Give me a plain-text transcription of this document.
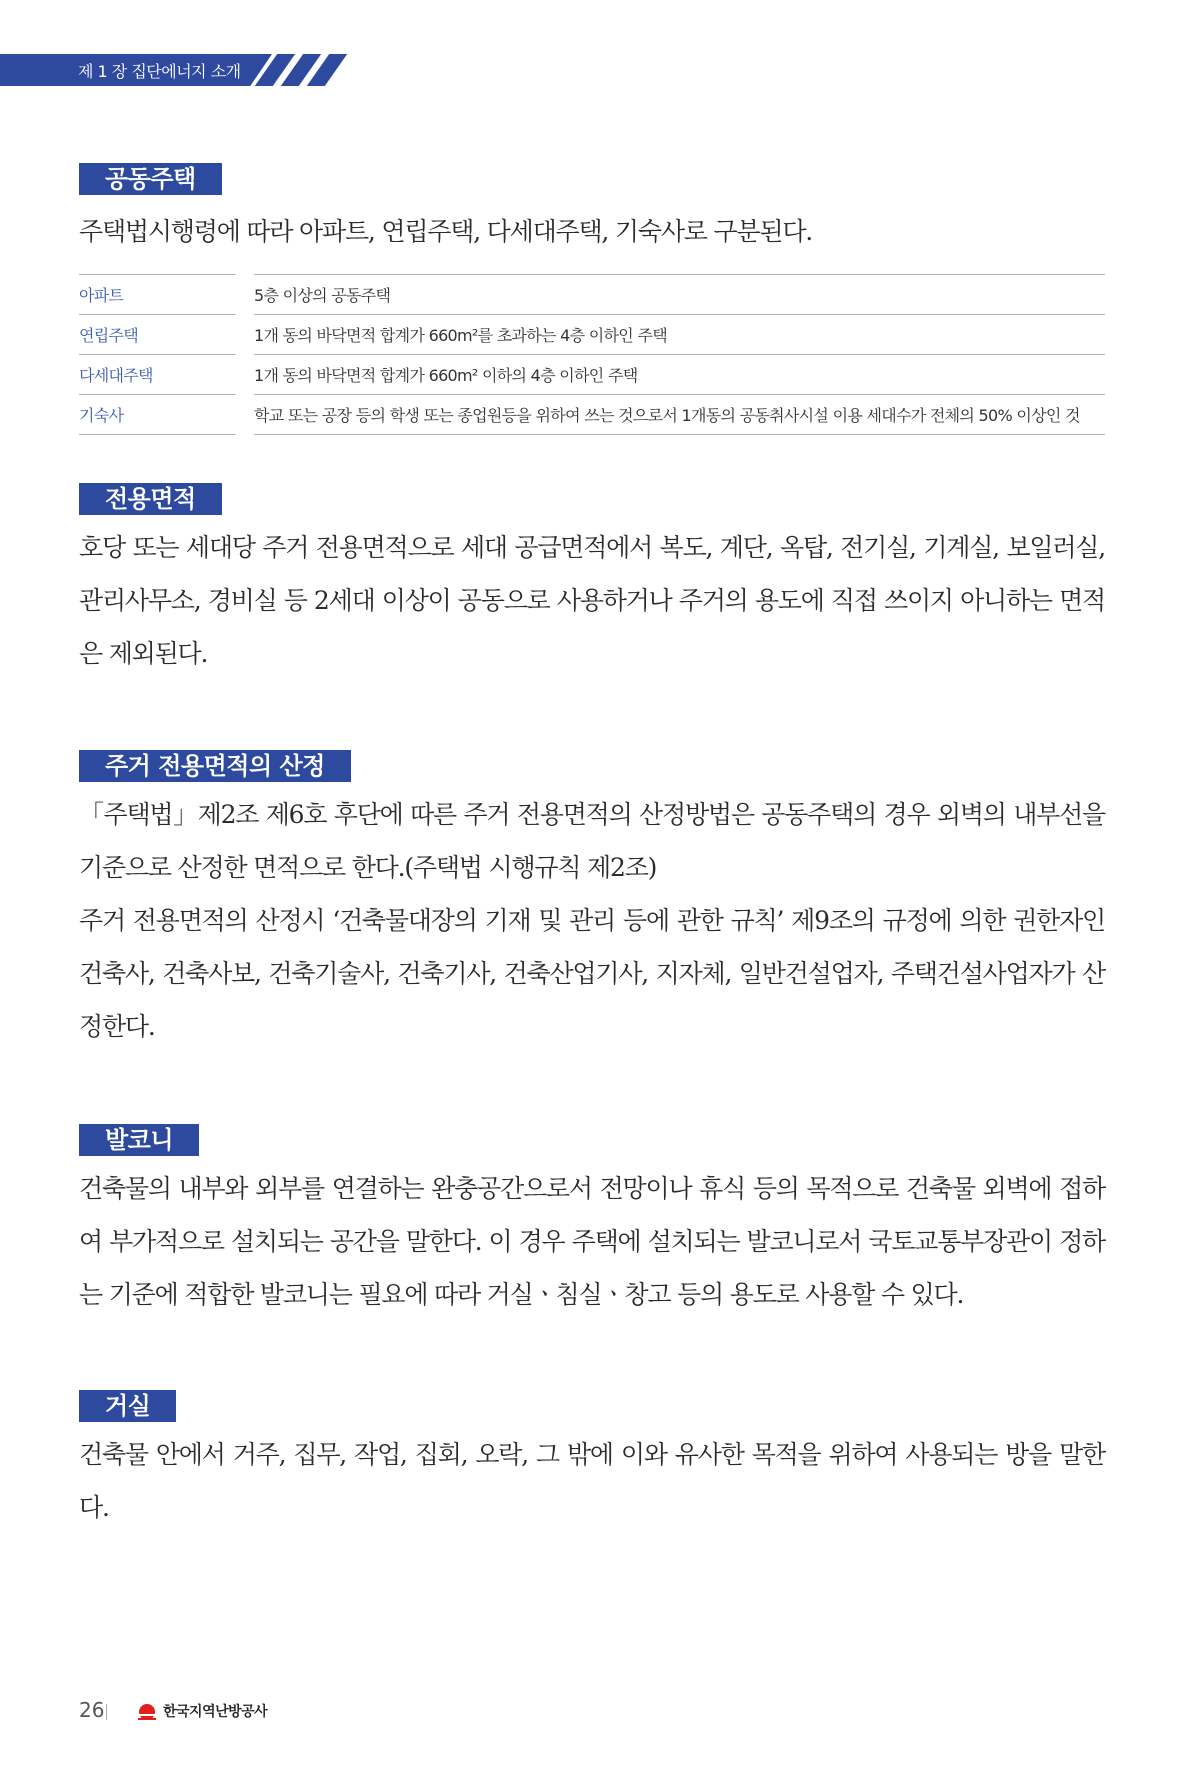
제 1 장 집단에너지 소개
공동주택

주택법시행령에 따라 아파트, 연립주택, 다세대주택, 기숙사로 구분된다.

아파트		5층 이상의 공동주택
연립주택		1개 동의 바닥면적 합계가 660m²를 초과하는 4층 이하인 주택
다세대주택		1개 동의 바닥면적 합계가 660m² 이하의 4층 이하인 주택
기숙사		학교 또는 공장 등의 학생 또는 종업원등을 위하여 쓰는 것으로서 1개동의 공동취사시설 이용 세대수가 전체의 50% 이상인 것
전용면적

호당 또는 세대당 주거 전용면적으로 세대 공급면적에서 복도, 계단, 옥탑, 전기실, 기계실, 보일러실, 관리사무소, 경비실 등 2세대 이상이 공동으로 사용하거나 주거의 용도에 직접 쓰이지 아니하는 면적은 제외된다.

주거 전용면적의 산정

「주택법」제2조 제6호 후단에 따른 주거 전용면적의 산정방법은 공동주택의 경우 외벽의 내부선을 기준으로 산정한 면적으로 한다.(주택법 시행규칙 제2조)

주거 전용면적의 산정시 ‘건축물대장의 기재 및 관리 등에 관한 규칙’ 제9조의 규정에 의한 권한자인 건축사, 건축사보, 건축기술사, 건축기사, 건축산업기사, 지자체, 일반건설업자, 주택건설사업자가 산정한다.

발코니

건축물의 내부와 외부를 연결하는 완충공간으로서 전망이나 휴식 등의 목적으로 건축물 외벽에 접하여 부가적으로 설치되는 공간을 말한다. 이 경우 주택에 설치되는 발코니로서 국토교통부장관이 정하는 기준에 적합한 발코니는 필요에 따라 거실ㆍ침실ㆍ창고 등의 용도로 사용할 수 있다.

거실

건축물 안에서 거주, 집무, 작업, 집회, 오락, 그 밖에 이와 유사한 목적을 위하여 사용되는 방을 말한다.

26	한국지역난방공사
